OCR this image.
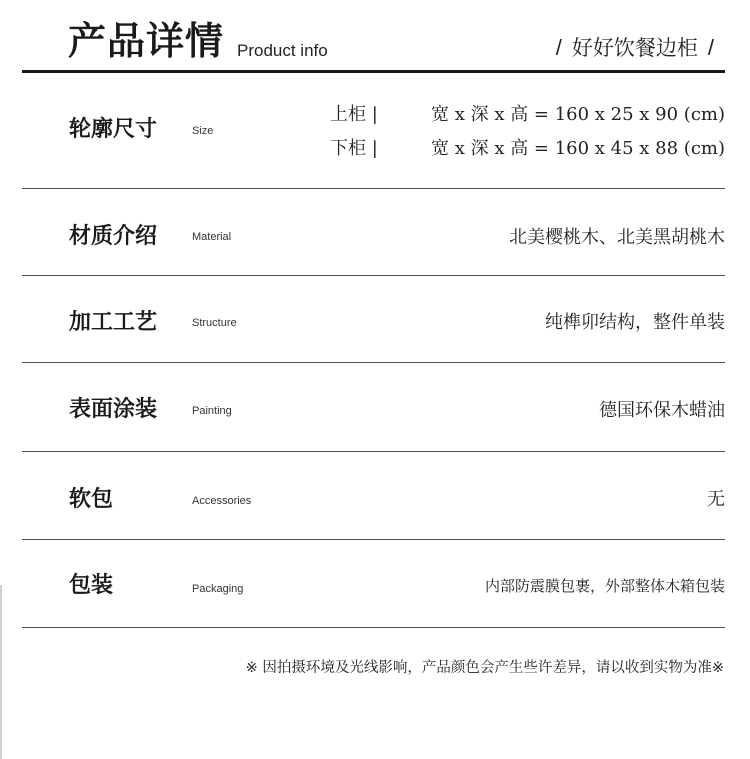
产品详情 Product info	/ 好好饮餐边柜 /
轮廓尺寸	Size
上柜 |	宽 x 深 x 高 = 160 x 25 x 90 (cm)
下柜 |	宽 x 深 x 高 = 160 x 45 x 88 (cm)
材质介绍	Material	北美樱桃木、北美黑胡桃木
加工工艺	Structure	纯榫卯结构，整件单装
表面涂装	Painting	德国环保木蜡油
软包	Accessories	无
包装	Packaging	内部防震膜包裹，外部整体木箱包装
※ 因拍摄环境及光线影响，产品颜色会产生些许差异，请以收到实物为准※
